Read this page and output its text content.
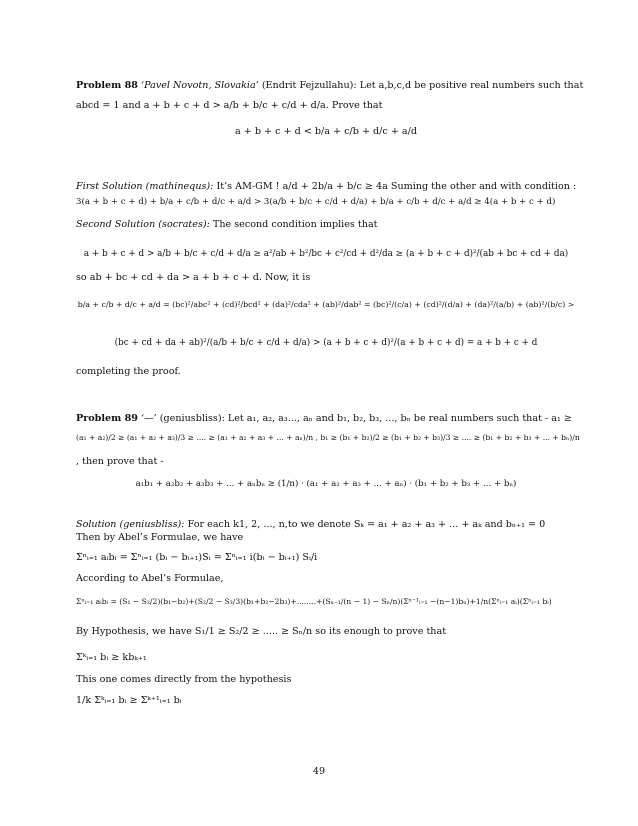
Problem 88 ‘Pavel Novotn, Slovakia’ (Endrit Fejzullahu): Let a,b,c,d be positive real numbers such that
abcd = 1 and a + b + c + d > a/b + b/c + c/d + d/a. Prove that
a + b + c + d < b/a + c/b + d/c + a/d
First Solution (mathinequs): It’s AM-GM ! a/d + 2b/a + b/c ≥ 4a Suming the other and with condition :
3(a + b + c + d) + b/a + c/b + d/c + a/d > 3(a/b + b/c + c/d + d/a) + b/a + c/b + d/c + a/d ≥ 4(a + b + c + d)
Second Solution (socrates): The second condition implies that
a + b + c + d > a/b + b/c + c/d + d/a ≥ a²/ab + b²/bc + c²/cd + d²/da ≥ (a + b + c + d)²/(ab + bc + cd + da)
so ab + bc + cd + da > a + b + c + d. Now, it is
b/a + c/b + d/c + a/d = (bc)²/abc² + (cd)²/bcd² + (da)²/cda² + (ab)²/dab² = (bc)²/(c/a) + (cd)²/(d/a) + (da)²/(a/b) + (ab)²/(b/c) >
(bc + cd + da + ab)²/(a/b + b/c + c/d + d/a) > (a + b + c + d)²/(a + b + c + d) = a + b + c + d
completing the proof.
Problem 89 ‘—’ (geniusbliss): Let a₁, a₂, a₃..., aₙ and b₁, b₂, b₃, ..., bₙ be real numbers such that - a₁ ≥
(a₁ + a₂)/2 ≥ (a₁ + a₂ + a₃)/3 ≥ .... ≥ (a₁ + a₂ + a₃ + ... + aₙ)/n , b₁ ≥ (b₁ + b₂)/2 ≥ (b₁ + b₂ + b₃)/3 ≥ .... ≥ (b₁ + b₂ + b₃ + ... + bₙ)/n
, then prove that -
a₁b₁ + a₂b₂ + a₃b₃ + ... + aₙbₙ ≥ (1/n) · (a₁ + a₂ + a₃ + ... + aₙ) · (b₁ + b₂ + b₃ + ... + bₙ)
Solution (geniusbliss): For each k1, 2, ..., n,to we denote Sₖ = a₁ + a₂ + a₃ + ... + aₖ and bₙ₊₁ = 0
Then by Abel’s Formulae, we have
Σⁿᵢ₌₁ aᵢbᵢ = Σⁿᵢ₌₁ (bᵢ − bᵢ₊₁)Sᵢ = Σⁿᵢ₌₁ i(bᵢ − bᵢ₊₁) Sᵢ/i
According to Abel’s Formulae,
Σⁿᵢ₌₁ aᵢbᵢ = (S₁ − S₂/2)(b₁−b₂)+(S₂/2 − S₃/3)(b₁+b₂−2b₃)+........+(Sₙ₋₁/(n − 1) − Sₙ/n)(Σⁿ⁻¹ᵢ₌₁ −(n−1)bₙ)+1/n(Σⁿᵢ₌₁ aᵢ)(Σⁿᵢ₌₁ bᵢ)
By Hypothesis, we have S₁/1 ≥ S₂/2 ≥ ..... ≥ Sₙ/n so its enough to prove that
Σᵏᵢ₌₁ bᵢ ≥ kbₖ₊₁
This one comes directly from the hypothesis
1/k Σᵏᵢ₌₁ bᵢ ≥ Σᵏ⁺¹ᵢ₌₁ bᵢ
49
